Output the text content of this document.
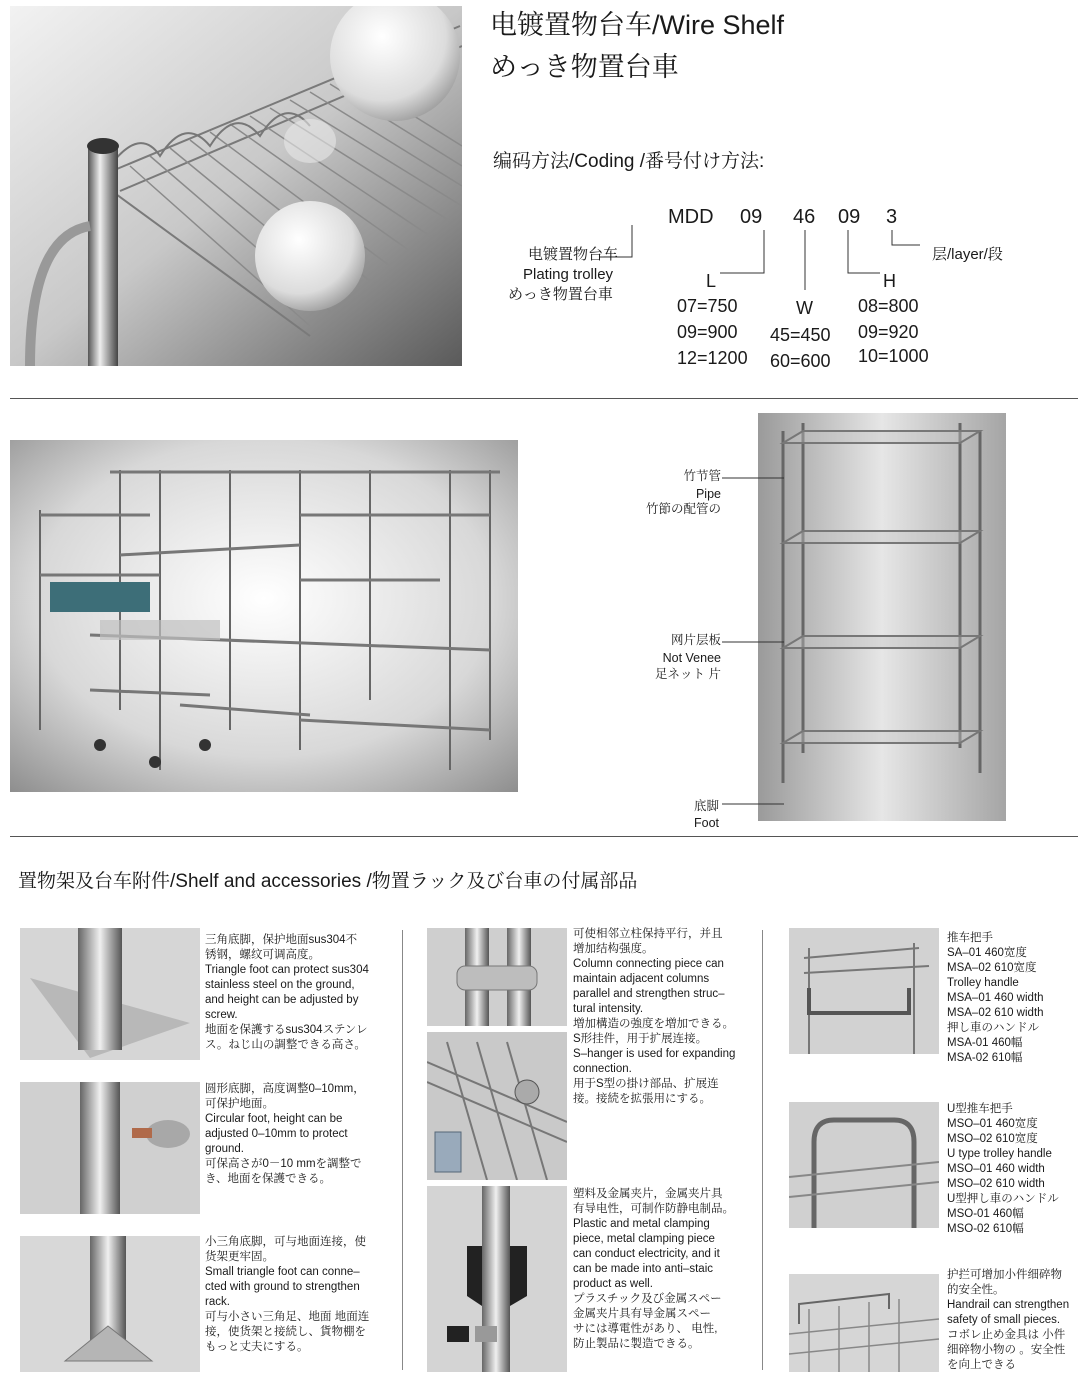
电镀置物台车/Wire Shelf
めっき物置台車
编码方法/Coding /番号付け方法:
MDD 09 46 09 3
电镀置物台车
Plating trolley
めっき物置台車
层/layer/段
L
07=750
09=900
12=1200
W
45=450
60=600
H
08=800
09=920
10=1000
竹节管
Pipe
竹節の配管の
网片层板
Not Venee
足ネット 片
底脚
Foot
置物架及台车附件/Shelf and accessories /物置ラック及び台車の付属部品
三角底脚，保护地面sus304不
锈钢，螺纹可调高度。
Triangle foot can protect sus304
stainless steel on the ground,
and height can be adjusted by
screw.
地面を保護するsus304ステンレ
ス。ねじ山の調整できる高さ。
圆形底脚，高度调整0–10mm，
可保护地面。
Circular foot, height can be
adjusted 0–10mm to protect
ground.
可保高さが0－10 mmを調整で
き、地面を保護できる。
小三角底脚，可与地面连接，使
货架更牢固。
Small triangle foot can conne–
cted with ground to strengthen
rack.
可与小さい三角足、地面 地面连
接，使货架と接続し、貨物棚を
もっと丈夫にする。
可使相邻立柱保持平行，并且
增加结构强度。
Column connecting piece can
maintain adjacent columns
parallel and strengthen struc–
tural intensity.
増加構造の強度を増加できる。
S形挂件，用于扩展连接。
S–hanger is used for expanding
connection.
用于S型の掛け部品、扩展连
接。接続を拡張用にする。
塑料及金属夹片，金属夹片具
有导电性，可制作防静电制品。
Plastic and metal clamping
piece, metal clamping piece
can conduct electricity, and it
can be made into anti–staic
product as well.
プラスチック及び金属スペー
金属夹片具有导金属スペー
サには導電性があり、 电性,
防止製品に製造できる。
推车把手
SA–01 460宽度
MSA–02 610宽度
Trolley handle
MSA–01 460 width
MSA–02 610 width
押し車のハンドル
MSA-01 460幅
MSA-02 610幅
U型推车把手
MSO–01 460宽度
MSO–02 610宽度
U type trolley handle
MSO–01 460 width
MSO–02 610 width
U型押し車のハンドル
MSO-01 460幅
MSO-02 610幅
护拦可增加小件细碎物
的安全性。
Handrail can strengthen
safety of small pieces.
コボレ止め金具は 小件
细碎物小物の 。安全性
を向上できる
